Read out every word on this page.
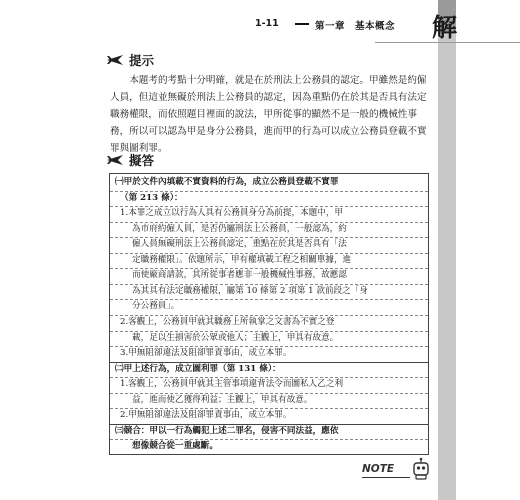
1-11	第一章　基本概念 解
提示
本題考的考點十分明確，就是在於刑法上公務員的認定。甲雖然是約僱人員，但這並無礙於刑法上公務員的認定，因為重點仍在於其是否具有法定職務權限，而依照題目裡面的說法，甲所從事的顯然不是一般的機械性事務，所以可以認為甲是身分公務員，進而甲的行為可以成立公務員登載不實罪與圖利罪。
擬答
㈠甲於文件內填載不實資料的行為，成立公務員登載不實罪
（第 213 條）：
1.本罪之成立以行為人具有公務員身分為前提，本題中，甲
為市府約僱人員，是否仍屬刑法上公務員，一般認為，約
僱人員無礙刑法上公務員認定，重點在於其是否具有「法
定職務權限」。依題所示，甲有權填載工程之相關單據，進
而使廠商請款，其所從事者應非一般機械性事務，故應認
為其具有法定職務權限，屬第 10 條第 2 項第 1 款前段之「身
分公務員」。
2.客觀上，公務員甲就其職務上所執掌之文書為不實之登
載，足以生損害於公眾或他人；主觀上，甲具有故意。
3.甲無阻卻違法及阻卻罪責事由，成立本罪。
㈡甲上述行為，成立圖利罪（第 131 條）：
1.客觀上，公務員甲就其主管事項違背法令而圖私人乙之利
益，進而使乙獲得利益；主觀上，甲具有故意。
2.甲無阻卻違法及阻卻罪責事由，成立本罪。
㈢競合：甲以一行為觸犯上述二罪名，侵害不同法益，應依
想像競合從一重處斷。
NOTE
